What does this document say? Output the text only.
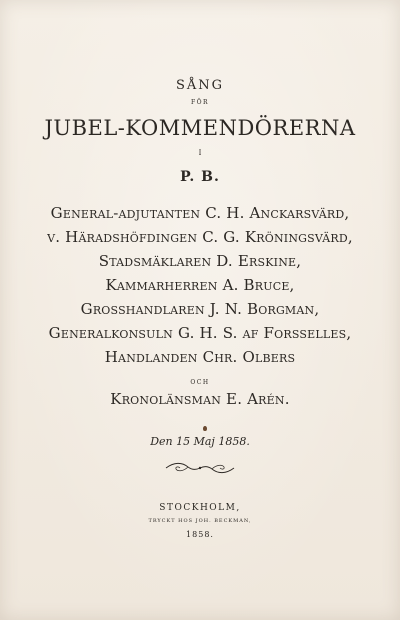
SÅNG
FÖR
JUBEL-KOMMENDÖRERNA
I
P. B.
General-adjutanten C. H. Anckarsvärd,
v. Häradshöfdingen C. G. Kröningsvärd,
Stadsmäklaren D. Erskine,
Kammarherren A. Bruce,
Grosshandlaren J. N. Borgman,
Generalkonsuln G. H. S. af Forsselles,
Handlanden Chr. Olbers
OCH
Kronolänsman E. Arén.
Den 15 Maj 1858.
STOCKHOLM,
TRYCKT HOS JOH. BECKMAN,
1858.
